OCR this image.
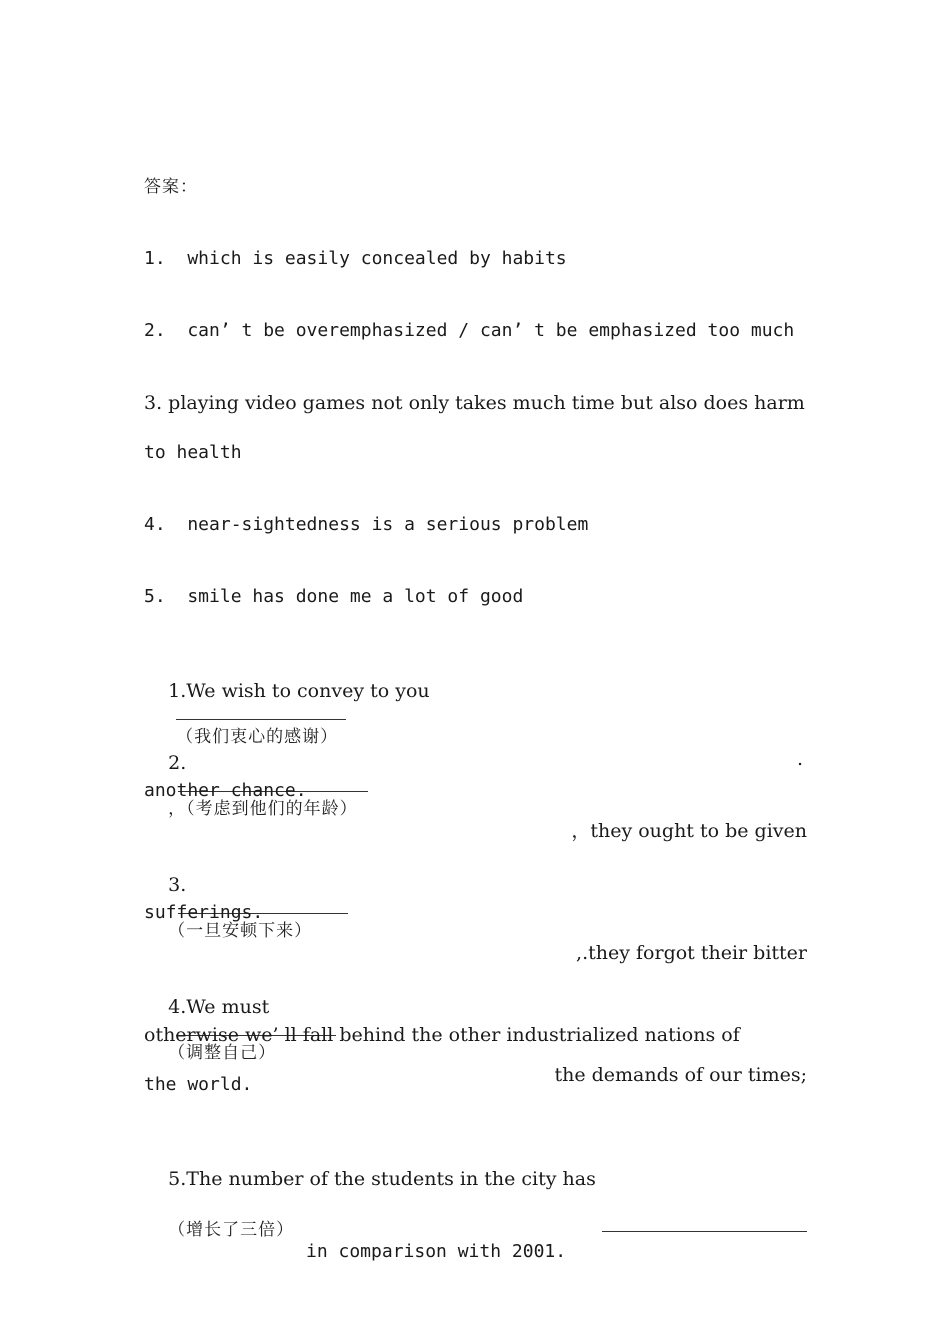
答案：
1.  which is easily concealed by habits
2.  can’ t be overemphasized / can’ t be emphasized too much
3. playing video games not only takes much time but also does harm
to health
4.  near-sightedness is a serious problem
5.  smile has done me a lot of good

1.We wish to convey to you

（我们衷心的感谢）

.

2.

，（考虑到他们的年龄）

，they ought to be given

another chance.

3.

（一旦安顿下来）

,.they forgot their bitter

sufferings.

4.We must

（调整自己）

the demands of our times;

otherwise we’ ll fall behind the other industrialized nations of
the world.

5.The number of the students in the city has

（增长了三倍）

in comparison with 2001.
